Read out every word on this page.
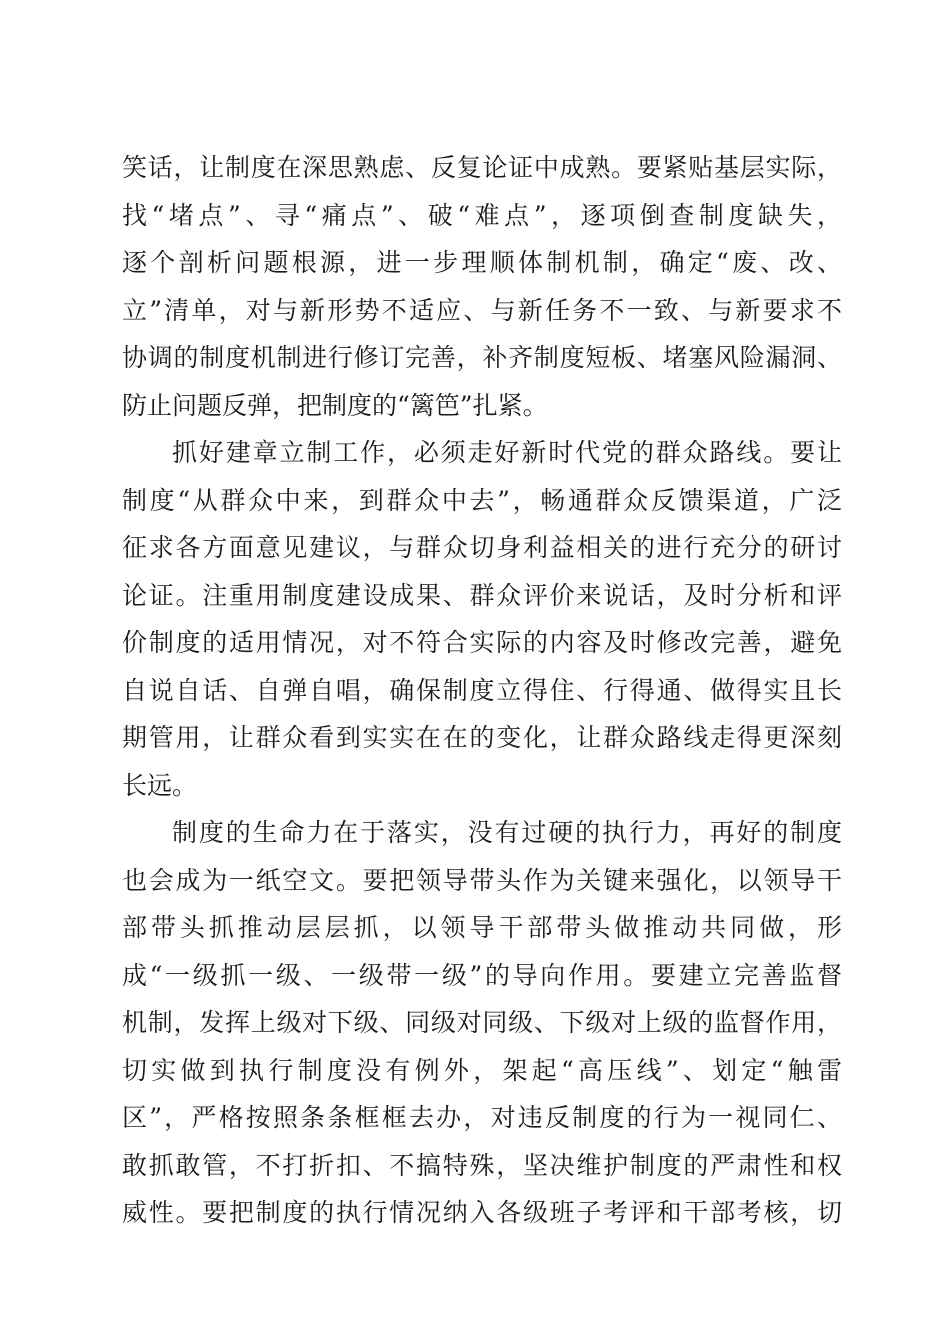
笑话，让制度在深思熟虑、反复论证中成熟。要紧贴基层实际，
找“堵点”、寻“痛点”、破“难点”，逐项倒查制度缺失，
逐个剖析问题根源，进一步理顺体制机制，确定“废、改、
立”清单，对与新形势不适应、与新任务不一致、与新要求不
协调的制度机制进行修订完善，补齐制度短板、堵塞风险漏洞、
防止问题反弹，把制度的“篱笆”扎紧。
抓好建章立制工作，必须走好新时代党的群众路线。要让
制度“从群众中来，到群众中去”，畅通群众反馈渠道，广泛
征求各方面意见建议，与群众切身利益相关的进行充分的研讨
论证。注重用制度建设成果、群众评价来说话，及时分析和评
价制度的适用情况，对不符合实际的内容及时修改完善，避免
自说自话、自弹自唱，确保制度立得住、行得通、做得实且长
期管用，让群众看到实实在在的变化，让群众路线走得更深刻
长远。
制度的生命力在于落实，没有过硬的执行力，再好的制度
也会成为一纸空文。要把领导带头作为关键来强化，以领导干
部带头抓推动层层抓，以领导干部带头做推动共同做，形
成“一级抓一级、一级带一级”的导向作用。要建立完善监督
机制，发挥上级对下级、同级对同级、下级对上级的监督作用，
切实做到执行制度没有例外，架起“高压线”、划定“触雷
区”，严格按照条条框框去办，对违反制度的行为一视同仁、
敢抓敢管，不打折扣、不搞特殊，坚决维护制度的严肃性和权
威性。要把制度的执行情况纳入各级班子考评和干部考核，切
